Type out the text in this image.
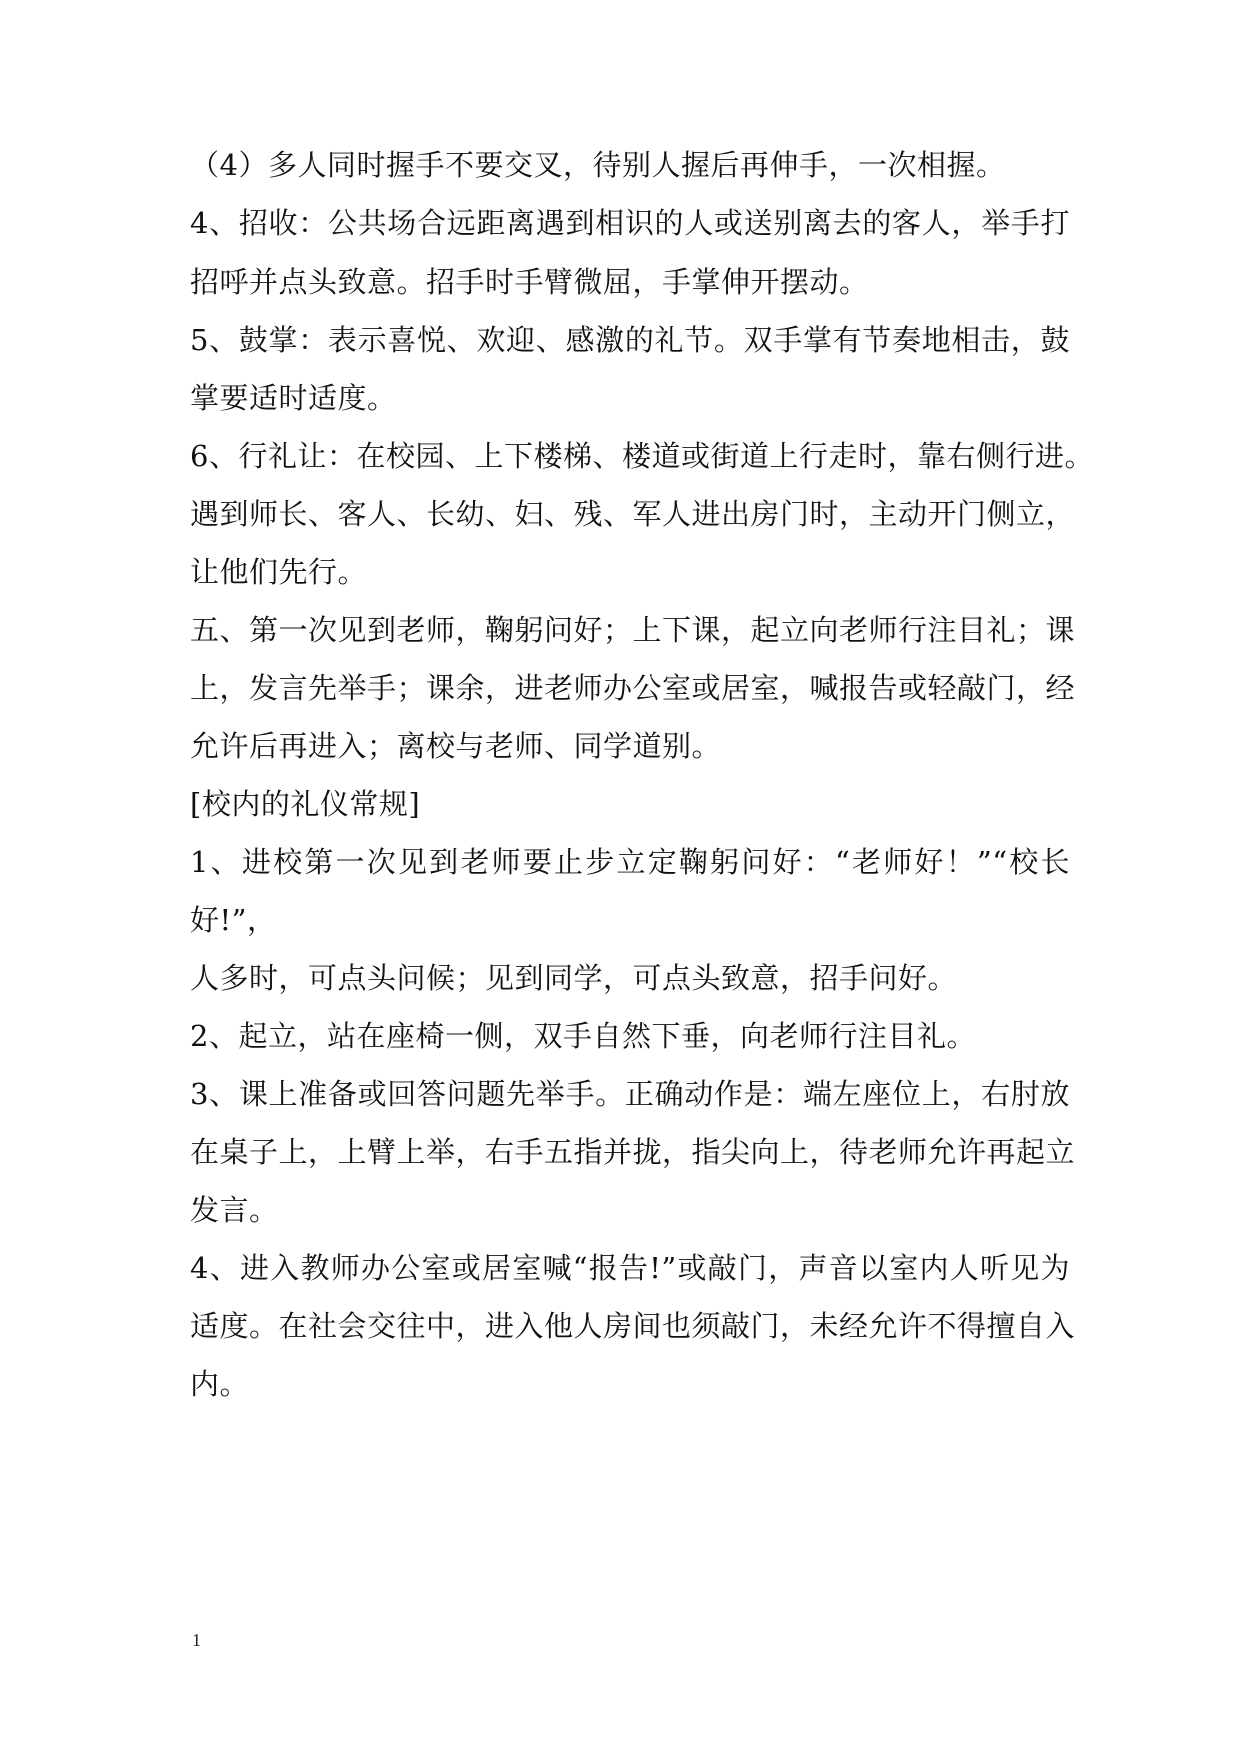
（4）多人同时握手不要交叉，待别人握后再伸手，一次相握。
4、招收：公共场合远距离遇到相识的人或送别离去的客人，举手打
招呼并点头致意。招手时手臂微屈，手掌伸开摆动。
5、鼓掌：表示喜悦、欢迎、感激的礼节。双手掌有节奏地相击，鼓
掌要适时适度。
6、行礼让：在校园、上下楼梯、楼道或街道上行走时，靠右侧行进。
遇到师长、客人、长幼、妇、残、军人进出房门时，主动开门侧立，
让他们先行。
五、第一次见到老师，鞠躬问好；上下课，起立向老师行注目礼；课
上，发言先举手；课余，进老师办公室或居室，喊报告或轻敲门，经
允许后再进入；离校与老师、同学道别。
[校内的礼仪常规]
1、进校第一次见到老师要止步立定鞠躬问好：“老师好！”“校长
好!”，
人多时，可点头问候；见到同学，可点头致意，招手问好。
2、起立，站在座椅一侧，双手自然下垂，向老师行注目礼。
3、课上准备或回答问题先举手。正确动作是：端左座位上，右肘放
在桌子上，上臂上举，右手五指并拢，指尖向上，待老师允许再起立
发言。
4、进入教师办公室或居室喊“报告!”或敲门，声音以室内人听见为
适度。在社会交往中，进入他人房间也须敲门，未经允许不得擅自入
内。
1
